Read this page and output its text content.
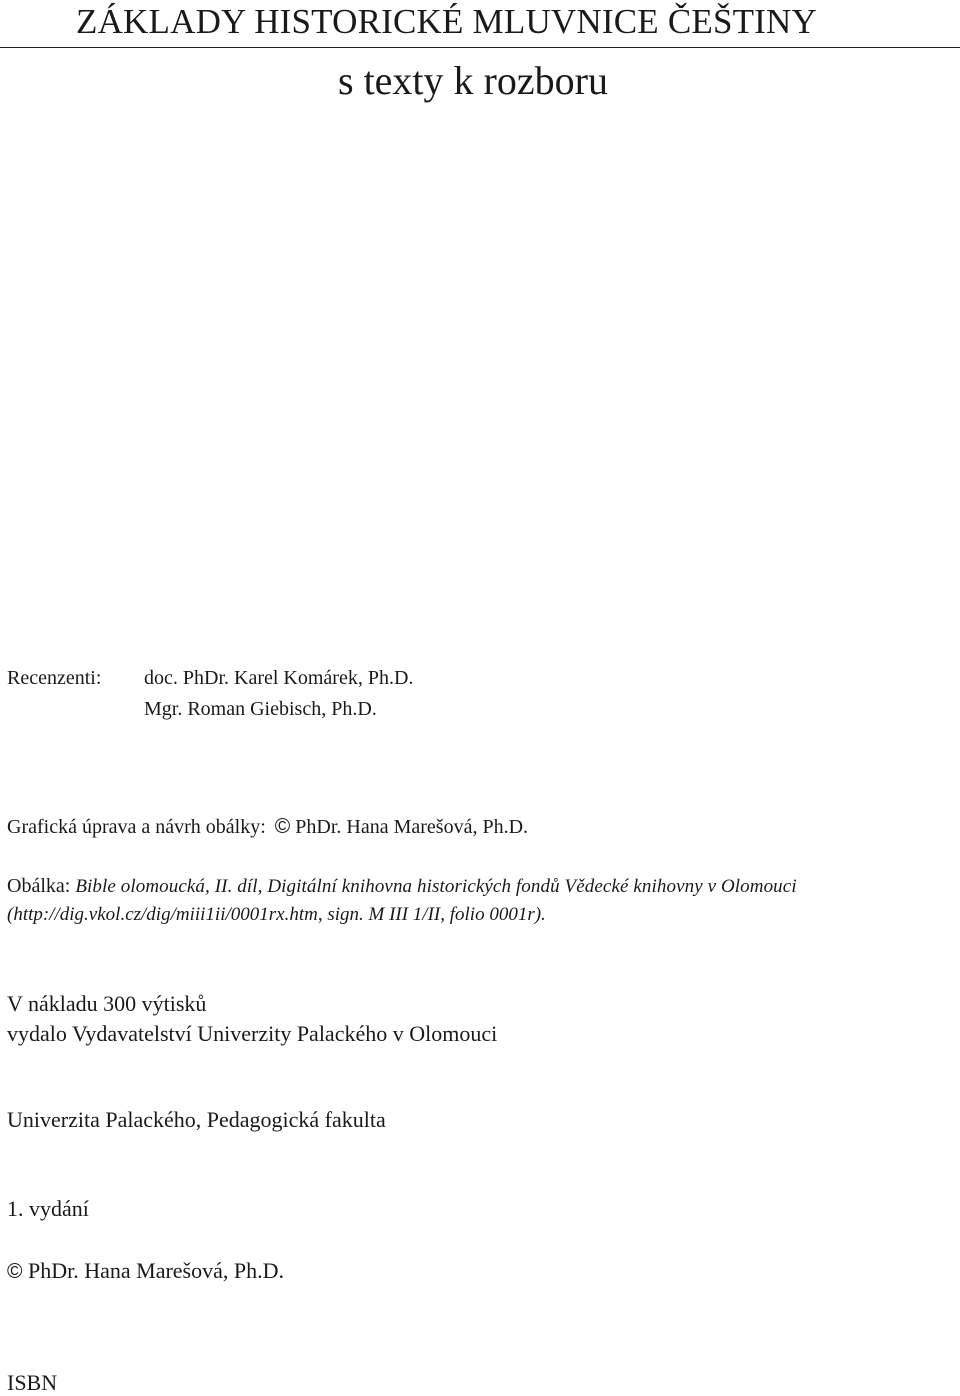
ZÁKLADY HISTORICKÉ MLUVNICE ČEŠTINY
s texty k rozboru
Recenzenti: doc. PhDr. Karel Komárek, Ph.D.
Mgr. Roman Giebisch, Ph.D.
Grafická úprava a návrh obálky: © PhDr. Hana Marešová, Ph.D.
Obálka: Bible olomoucká, II. díl, Digitální knihovna historických fondů Vědecké knihovny v Olomouci
(http://dig.vkol.cz/dig/miii1ii/0001rx.htm, sign. M III 1/II, folio 0001r).
V nákladu 300 výtisků
vydalo Vydavatelství Univerzity Palackého v Olomouci
Univerzita Palackého, Pedagogická fakulta
1. vydání
© PhDr. Hana Marešová, Ph.D.
ISBN
